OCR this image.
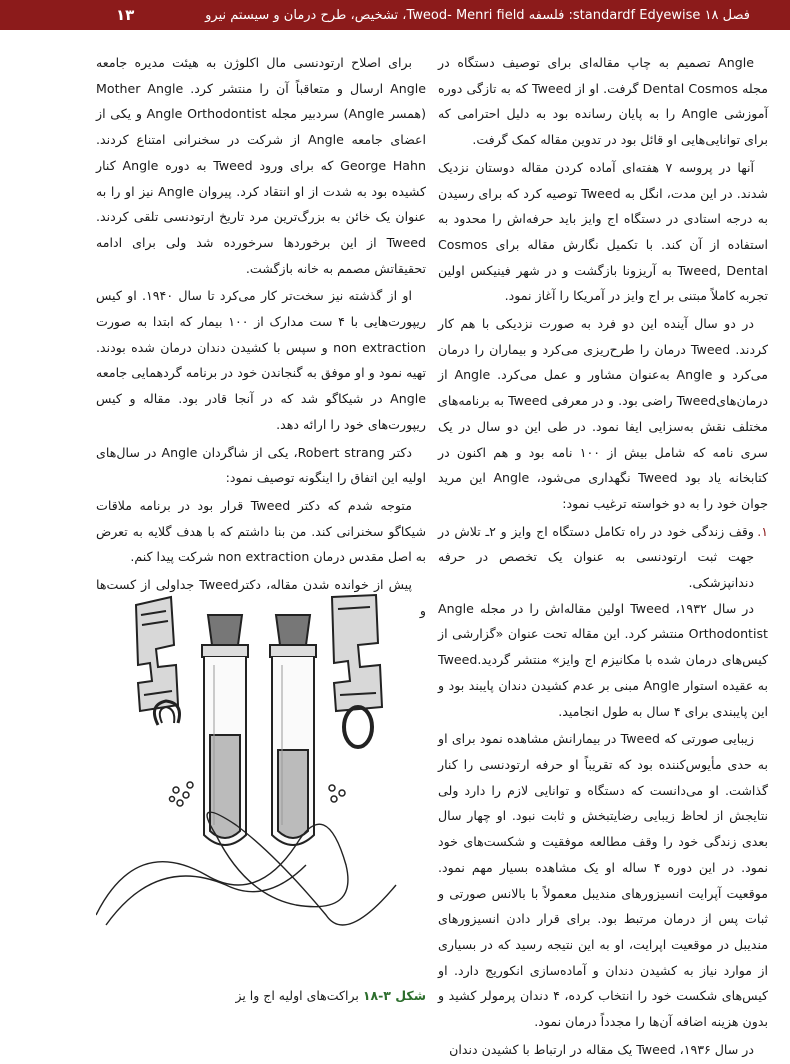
فصل ۱۸ standardf Edyewise: فلسفه Tweod- Menri field، تشخیص، طرح درمان و سیستم نیرو
۱۳

Angle تصمیم به چاپ مقاله‌ای برای توصیف دستگاه در مجله Dental Cosmos گرفت. او از Tweed که به تازگی دوره آموزشی Angle را به پایان رسانده بود به دلیل احترامی که برای توانایی‌هایی او قائل بود در تدوین مقاله کمک گرفت.

آنها در پروسه ۷ هفته‌ای آماده کردن مقاله دوستان نزدیک شدند. در این مدت، انگل به Tweed توصیه کرد که برای رسیدن به درجه استادی در دستگاه اج وایز باید حرفه‌اش را محدود به استفاده از آن کند. با تکمیل نگارش مقاله برای Cosmos Tweed, Dental به آریزونا بازگشت و در شهر فینیکس اولین تجربه کاملاً مبتنی بر اج وایز در آمریکا را آغاز نمود.

در دو سال آینده این دو فرد به صورت نزدیکی با هم کار کردند. Tweed درمان را طرح‌ریزی می‌کرد و بیماران را درمان می‌کرد و Angle به‌عنوان مشاور و عمل می‌کرد. Angle از درمان‌هایTweed راضی بود. و در معرفی Tweed به برنامه‌های مختلف نقش به‌سزایی ایفا نمود. در طی این دو سال در یک سری نامه که شامل بیش از ۱۰۰ نامه بود و هم اکنون در کتابخانه یاد بود Tweed نگهداری می‌شود، Angle این مرید جوان خود را به دو خواسته ترغیب نمود:

۱.
وقف زندگی خود در راه تکامل دستگاه اج وایز و ۲ـ تلاش در جهت ثبت ارتودنسی به عنوان یک تخصص در حرفه دندانپزشکی.

در سال ۱۹۳۲، Tweed اولین مقاله‌اش را در مجله Angle Orthodontist منتشر کرد. این مقاله تحت عنوان «گزارشی از کیس‌های درمان شده با مکانیزم اج وایز» منتشر گردید.Tweed به عقیده استوار Angle مبنی بر عدم کشیدن دندان پایبند بود و این پایبندی برای ۴ سال به طول انجامید.

زیبایی صورتی که Tweed در بیمارانش مشاهده نمود برای او به حدی مأیوس‌کننده بود که تقریباً او حرفه ارتودنسی را کنار گذاشت. او می‌دانست که دستگاه و توانایی لازم را دارد ولی نتایجش از لحاظ زیبایی رضایتبخش و ثابت نبود. او چهار سال بعدی زندگی خود را وقف مطالعه موفقیت و شکست‌های خود نمود. در این دوره ۴ ساله او یک مشاهده بسیار مهم نمود. موقعیت آپرایت انسیزورهای مندیبل معمولاً با بالانس صورتی و ثبات پس از درمان مرتبط بود. برای قرار دادن انسیزورهای مندیبل در موقعیت اپرایت، او به این نتیجه رسید که در بسیاری از موارد نیاز به کشیدن دندان و آماده‌سازی انکوریج دارد. او کیس‌های شکست خود را انتخاب کرده، ۴ دندان پرمولر کشید و بدون هزینه اضافه آن‌ها را مجدداً درمان نمود.

در سال ۱۹۳۶، Tweed یک مقاله در ارتباط با کشیدن دندان

برای اصلاح ارتودنسی مال اکلوژن به هیئت مدیره جامعه Angle ارسال و متعاقباً آن را منتشر کرد. Mother Angle (همسر Angle) سردبیر مجله Angle Orthodontist و یکی از اعضای جامعه Angle از شرکت در سخنرانی امتناع کردند. George Hahn که برای ورود Tweed به دوره Angle کنار کشیده بود به شدت از او انتقاد کرد. پیروان Angle نیز او را به عنوان یک خائن به بزرگ‌ترین مرد تاریخ ارتودنسی تلقی کردند. Tweed از این برخوردها سرخورده شد ولی برای ادامه تحقیقاتش مصمم به خانه بازگشت.

او از گذشته نیز سخت‌تر کار می‌کرد تا سال ۱۹۴۰. او کیس ریپورت‌هایی با ۴ ست مدارک از ۱۰۰ بیمار که ابتدا به صورت non extraction و سپس با کشیدن دندان درمان شده بودند. تهیه نمود و او موفق به گنجاندن خود در برنامه گردهمایی جامعه Angle در شیکاگو شد که در آنجا قادر بود. مقاله و کیس ریپورت‌های خود را ارائه دهد.

دکتر Robert strang، یکی از شاگردان Angle در سال‌های اولیه این اتفاق را اینگونه توصیف نمود:

متوجه شدم که دکتر Tweed قرار بود در برنامه ملاقات شیکاگو سخنرانی کند. من بنا داشتم که با هدف گلایه به تعرض به اصل مقدس درمان non extraction شرکت پیدا کنم.

پیش از خوانده شدن مقاله، دکترTweed جداولی از کست‌ها و

شکل ۳-۱۸ براکت‌های اولیه اج وا یز
